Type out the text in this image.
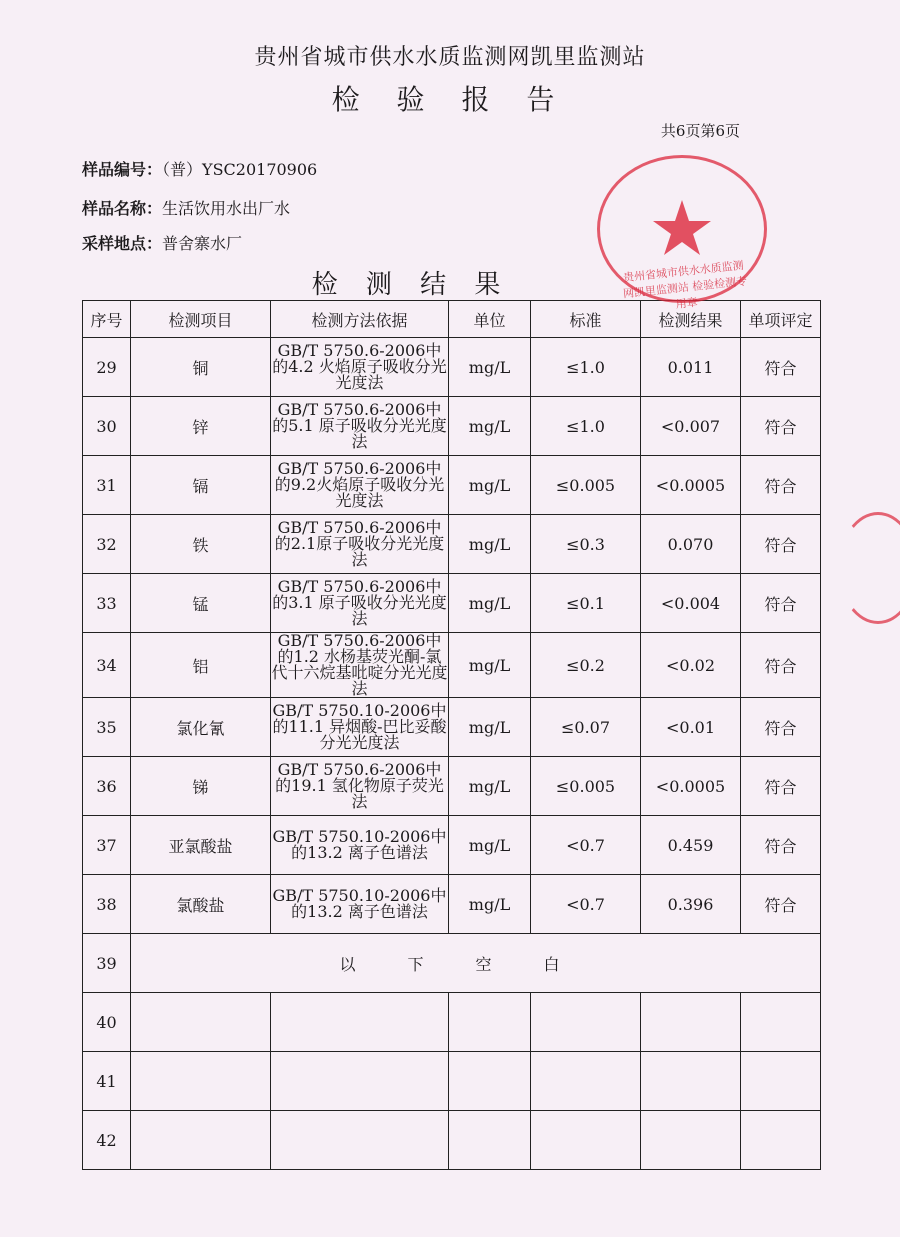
贵州省城市供水水质监测网凯里监测站
检 验 报 告
共6页第6页
样品编号：（普）YSC20170906
样品名称：生活饮用水出厂水
采样地点：普舍寨水厂
检 测 结 果
序号	检测项目	检测方法依据	单位	标准	检测结果	单项评定
29	铜	GB/T 5750.6-2006中的4.2 火焰原子吸收分光光度法	mg/L	≤1.0	0.011	符合
30	锌	GB/T 5750.6-2006中的5.1 原子吸收分光光度法	mg/L	≤1.0	<0.007	符合
31	镉	GB/T 5750.6-2006中的9.2火焰原子吸收分光光度法	mg/L	≤0.005	<0.0005	符合
32	铁	GB/T 5750.6-2006中的2.1原子吸收分光光度法	mg/L	≤0.3	0.070	符合
33	锰	GB/T 5750.6-2006中的3.1 原子吸收分光光度法	mg/L	≤0.1	<0.004	符合
34	铝	GB/T 5750.6-2006中的1.2 水杨基荧光酮-氯代十六烷基吡啶分光光度法	mg/L	≤0.2	<0.02	符合
35	氯化氰	GB/T 5750.10-2006中的11.1 异烟酸-巴比妥酸分光光度法	mg/L	≤0.07	<0.01	符合
36	锑	GB/T 5750.6-2006中的19.1 氢化物原子荧光法	mg/L	≤0.005	<0.0005	符合
37	亚氯酸盐	GB/T 5750.10-2006中的13.2 离子色谱法	mg/L	<0.7	0.459	符合
38	氯酸盐	GB/T 5750.10-2006中的13.2 离子色谱法	mg/L	<0.7	0.396	符合
39	以下空白					
40						
41						
42						
贵州省城市供水水质监测网凯里监测站 检验检测专用章
